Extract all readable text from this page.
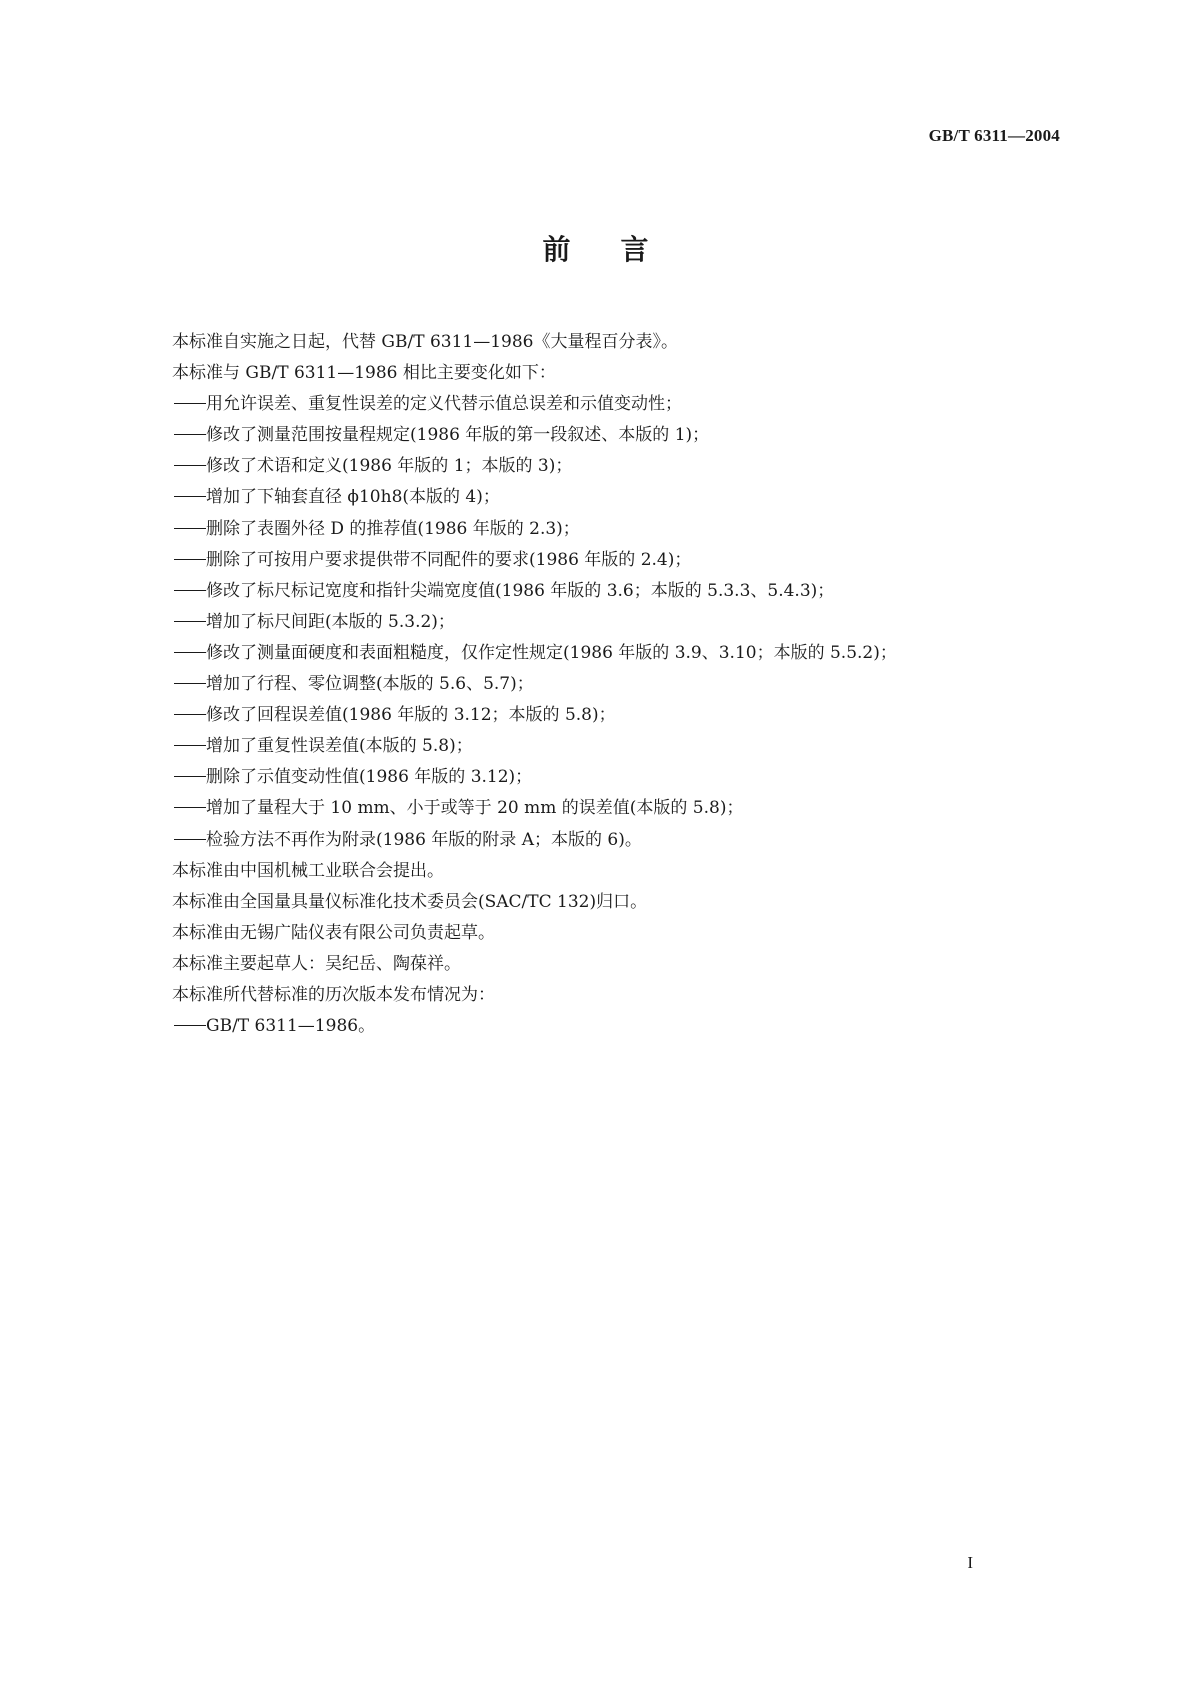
GB/T 6311—2004
前言
本标准自实施之日起，代替 GB/T 6311—1986《大量程百分表》。
本标准与 GB/T 6311—1986 相比主要变化如下：
用允许误差、重复性误差的定义代替示值总误差和示值变动性；
修改了测量范围按量程规定(1986 年版的第一段叙述、本版的 1)；
修改了术语和定义(1986 年版的 1；本版的 3)；
增加了下轴套直径 ϕ10h8(本版的 4)；
删除了表圈外径 D 的推荐值(1986 年版的 2.3)；
删除了可按用户要求提供带不同配件的要求(1986 年版的 2.4)；
修改了标尺标记宽度和指针尖端宽度值(1986 年版的 3.6；本版的 5.3.3、5.4.3)；
增加了标尺间距(本版的 5.3.2)；
修改了测量面硬度和表面粗糙度，仅作定性规定(1986 年版的 3.9、3.10；本版的 5.5.2)；
增加了行程、零位调整(本版的 5.6、5.7)；
修改了回程误差值(1986 年版的 3.12；本版的 5.8)；
增加了重复性误差值(本版的 5.8)；
删除了示值变动性值(1986 年版的 3.12)；
增加了量程大于 10 mm、小于或等于 20 mm 的误差值(本版的 5.8)；
检验方法不再作为附录(1986 年版的附录 A；本版的 6)。
本标准由中国机械工业联合会提出。
本标准由全国量具量仪标准化技术委员会(SAC/TC 132)归口。
本标准由无锡广陆仪表有限公司负责起草。
本标准主要起草人：吴纪岳、陶葆祥。
本标准所代替标准的历次版本发布情况为：
GB/T 6311—1986。
I
